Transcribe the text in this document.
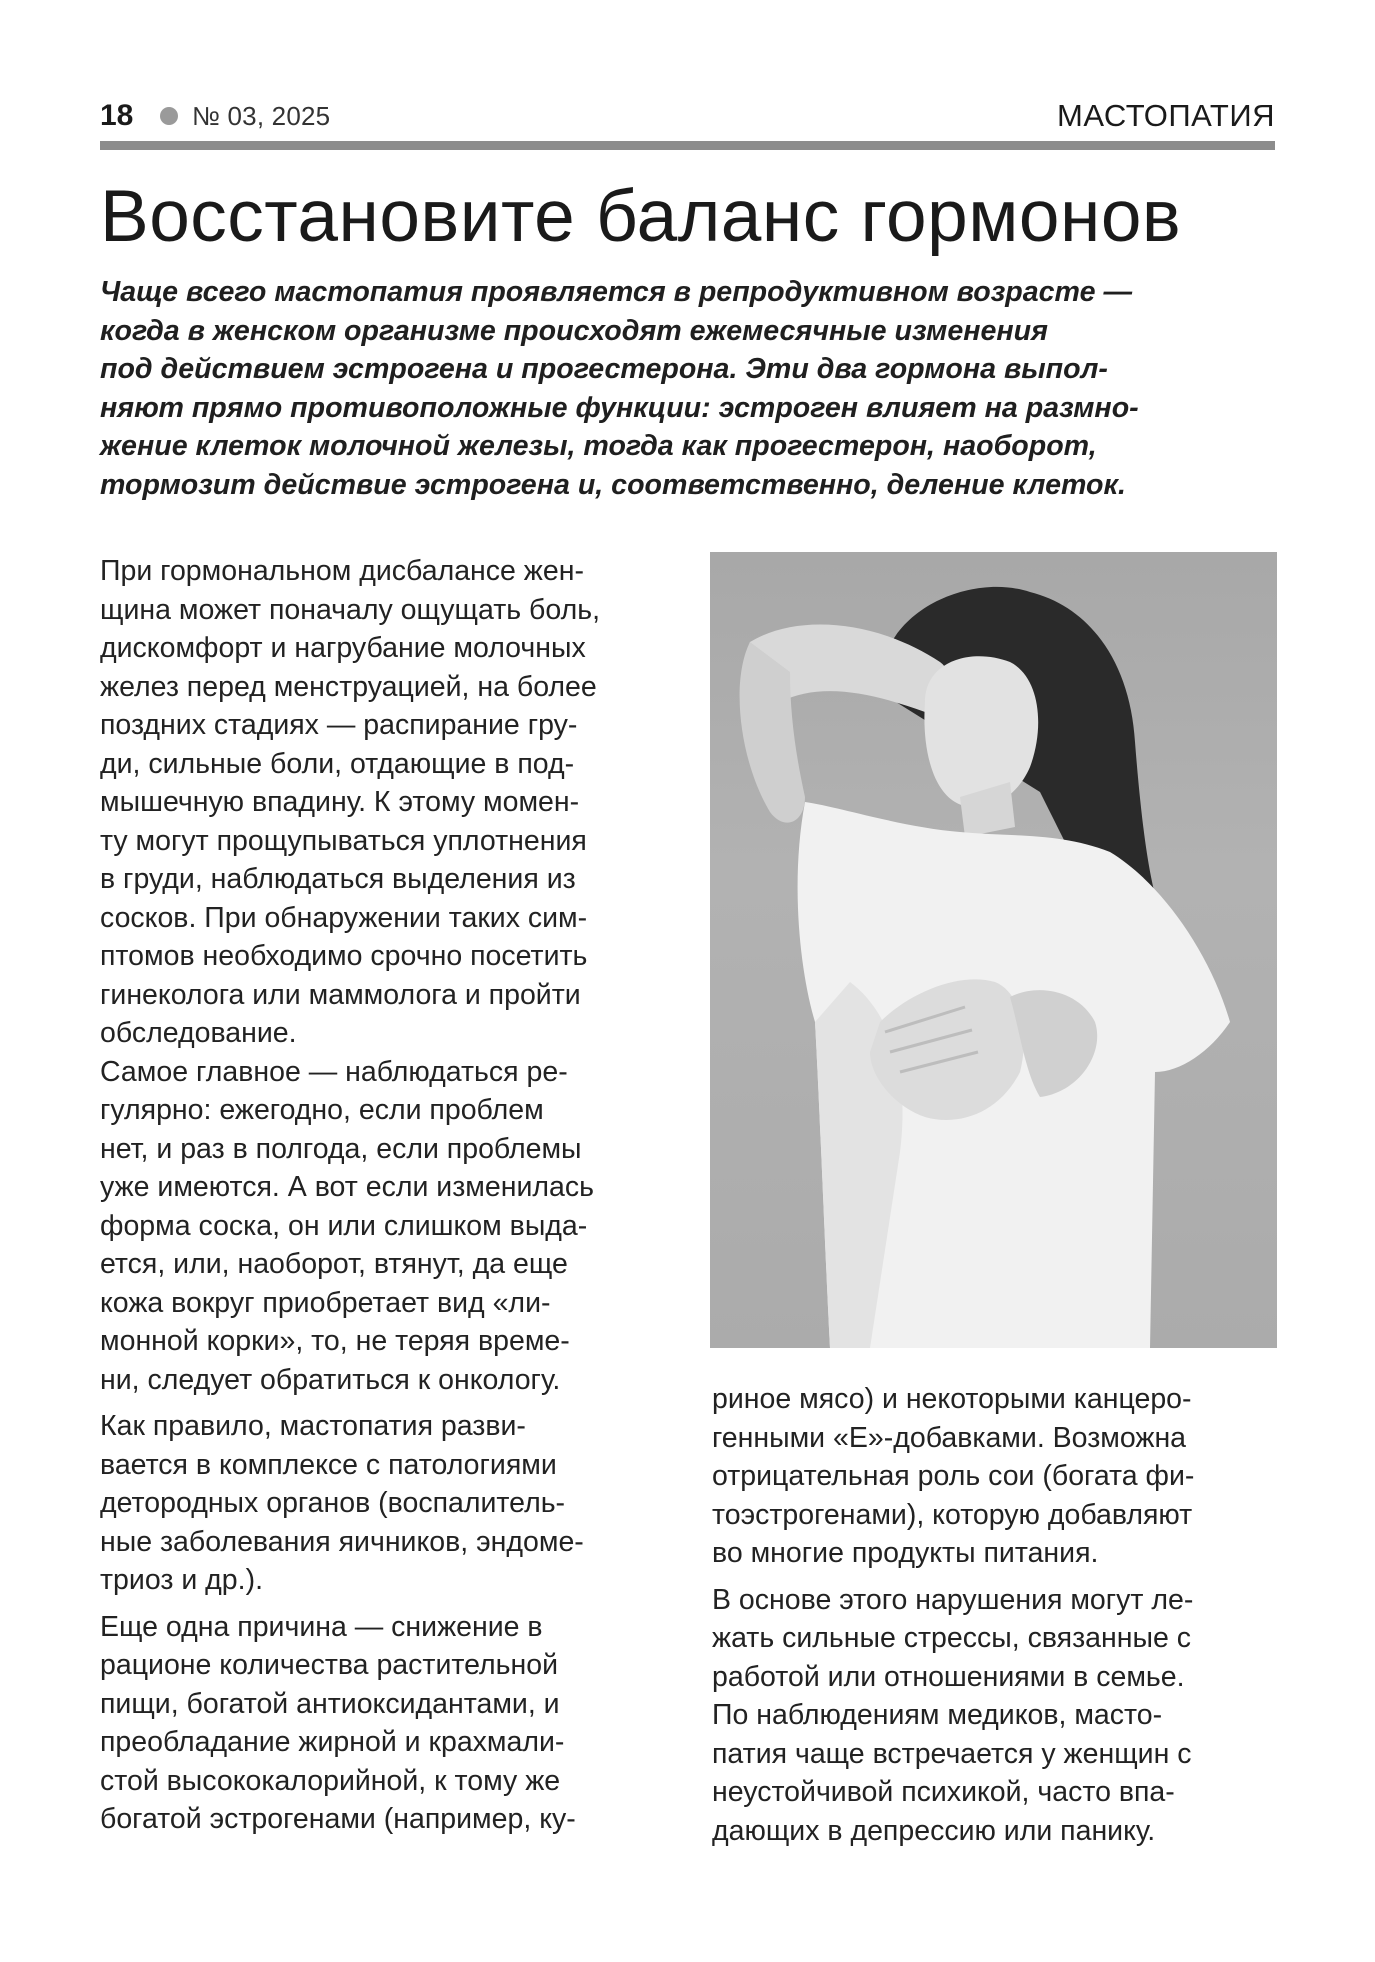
18 № 03, 2025	МАСТОПАТИЯ
Восстановите баланс гормонов
Чаще всего мастопатия проявляется в репродуктивном возрасте —
когда в женском организме происходят ежемесячные изменения
под действием эстрогена и прогестерона. Эти два гормона выпол-
няют прямо противоположные функции: эстроген влияет на размно-
жение клеток молочной железы, тогда как прогестерон, наоборот,
тормозит действие эстрогена и, соответственно, деление клеток.
При гормональном дисбалансе жен-
щина может поначалу ощущать боль,
дискомфорт и нагрубание молочных
желез перед менструацией, на более
поздних стадиях — распирание гру-
ди, сильные боли, отдающие в под-
мышечную впадину. К этому момен-
ту могут прощупываться уплотнения
в груди, наблюдаться выделения из
сосков. При обнаружении таких сим-
птомов необходимо срочно посетить
гинеколога или маммолога и пройти
обследование.
Самое главное — наблюдаться ре-
гулярно: ежегодно, если проблем
нет, и раз в полгода, если проблемы
уже имеются. А вот если изменилась
форма соска, он или слишком выда-
ется, или, наоборот, втянут, да еще
кожа вокруг приобретает вид «ли-
монной корки», то, не теряя време-
ни, следует обратиться к онкологу.
Как правило, мастопатия разви-
вается в комплексе с патологиями
детородных органов (воспалитель-
ные заболевания яичников, эндоме-
триоз и др.).
Еще одна причина — снижение в
рационе количества растительной
пищи, богатой антиоксидантами, и
преобладание жирной и крахмали-
стой высококалорийной, к тому же
богатой эстрогенами (например, ку-
риное мясо) и некоторыми канцеро-
генными «Е»-добавками. Возможна
отрицательная роль сои (богата фи-
тоэстрогенами), которую добавляют
во многие продукты питания.
В основе этого нарушения могут ле-
жать сильные стрессы, связанные с
работой или отношениями в семье.
По наблюдениям медиков, масто-
патия чаще встречается у женщин с
неустойчивой психикой, часто впа-
дающих в депрессию или панику.
